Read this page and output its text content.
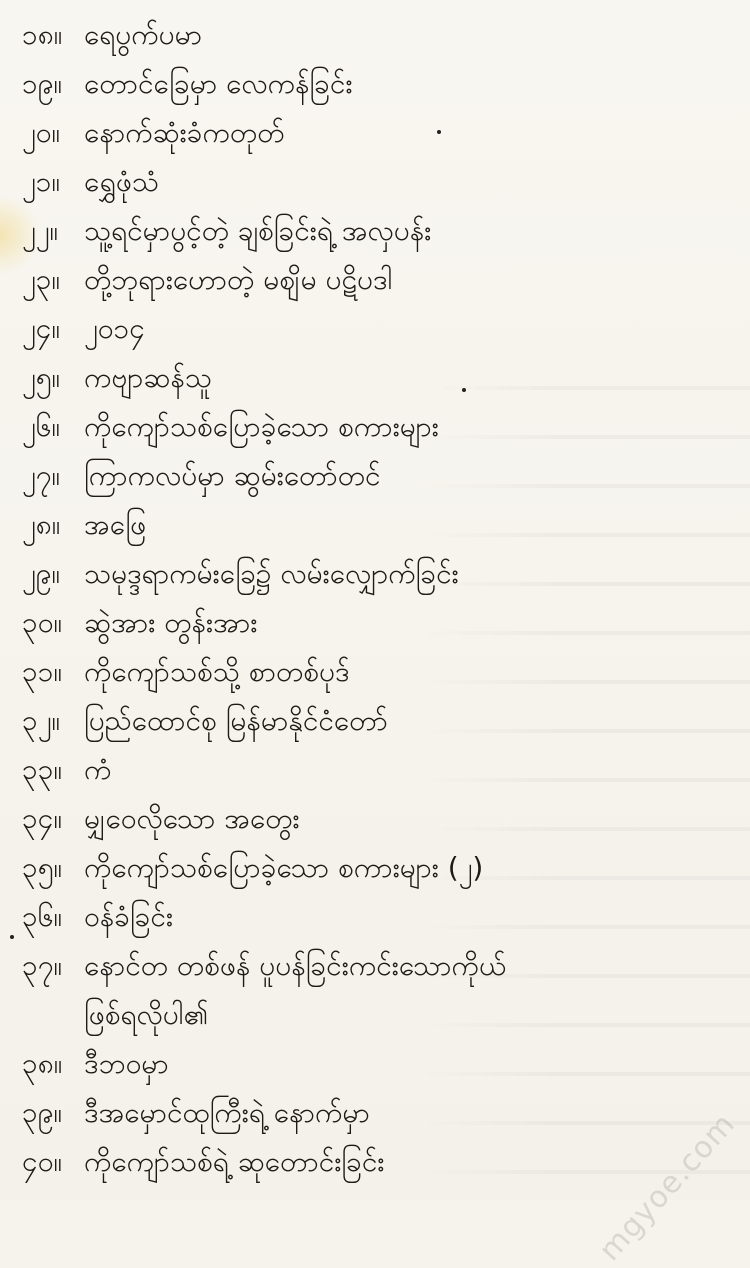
၁၈။ ရေပွက်ပမာ
၁၉။ တောင်ခြေမှာ လေကန်ခြင်း
၂၀။ နောက်ဆုံးခံကတုတ်
၂၁။ ရွှေဖုံသံ
၂၂။ သူ့ရင်မှာပွင့်တဲ့ ချစ်ခြင်းရဲ့ အလှပန်း
၂၃။ တို့ဘုရားဟောတဲ့ မဈိမ ပဋိပဒါ
၂၄။ ၂၀၁၄
၂၅။ ကဗျာဆန်သူ
၂၆။ ကိုကျော်သစ်ပြောခဲ့သော စကားများ
၂၇။ ကြာကလပ်မှာ ဆွမ်းတော်တင်
၂၈။ အဖြေ
၂၉။ သမုဒ္ဒရာကမ်းခြေ၌ လမ်းလျှောက်ခြင်း
၃၀။ ဆွဲအား တွန်းအား
၃၁။ ကိုကျော်သစ်သို့ စာတစ်ပုဒ်
၃၂။ ပြည်ထောင်စု မြန်မာနိုင်ငံတော်
၃၃။ ကံ
၃၄။ မျှဝေလိုသော အတွေး
၃၅။ ကိုကျော်သစ်ပြောခဲ့သော စကားများ (၂)
၃၆။ ဝန်ခံခြင်း
၃၇။ နောင်တ တစ်ဖန် ပူပန်ခြင်းကင်းသောကိုယ်
ဖြစ်ရလိုပါ၏
၃၈။ ဒီဘဝမှာ
၃၉။ ဒီအမှောင်ထုကြီးရဲ့ နောက်မှာ
၄၀။ ကိုကျော်သစ်ရဲ့ ဆုတောင်းခြင်း	mgyoe.com
